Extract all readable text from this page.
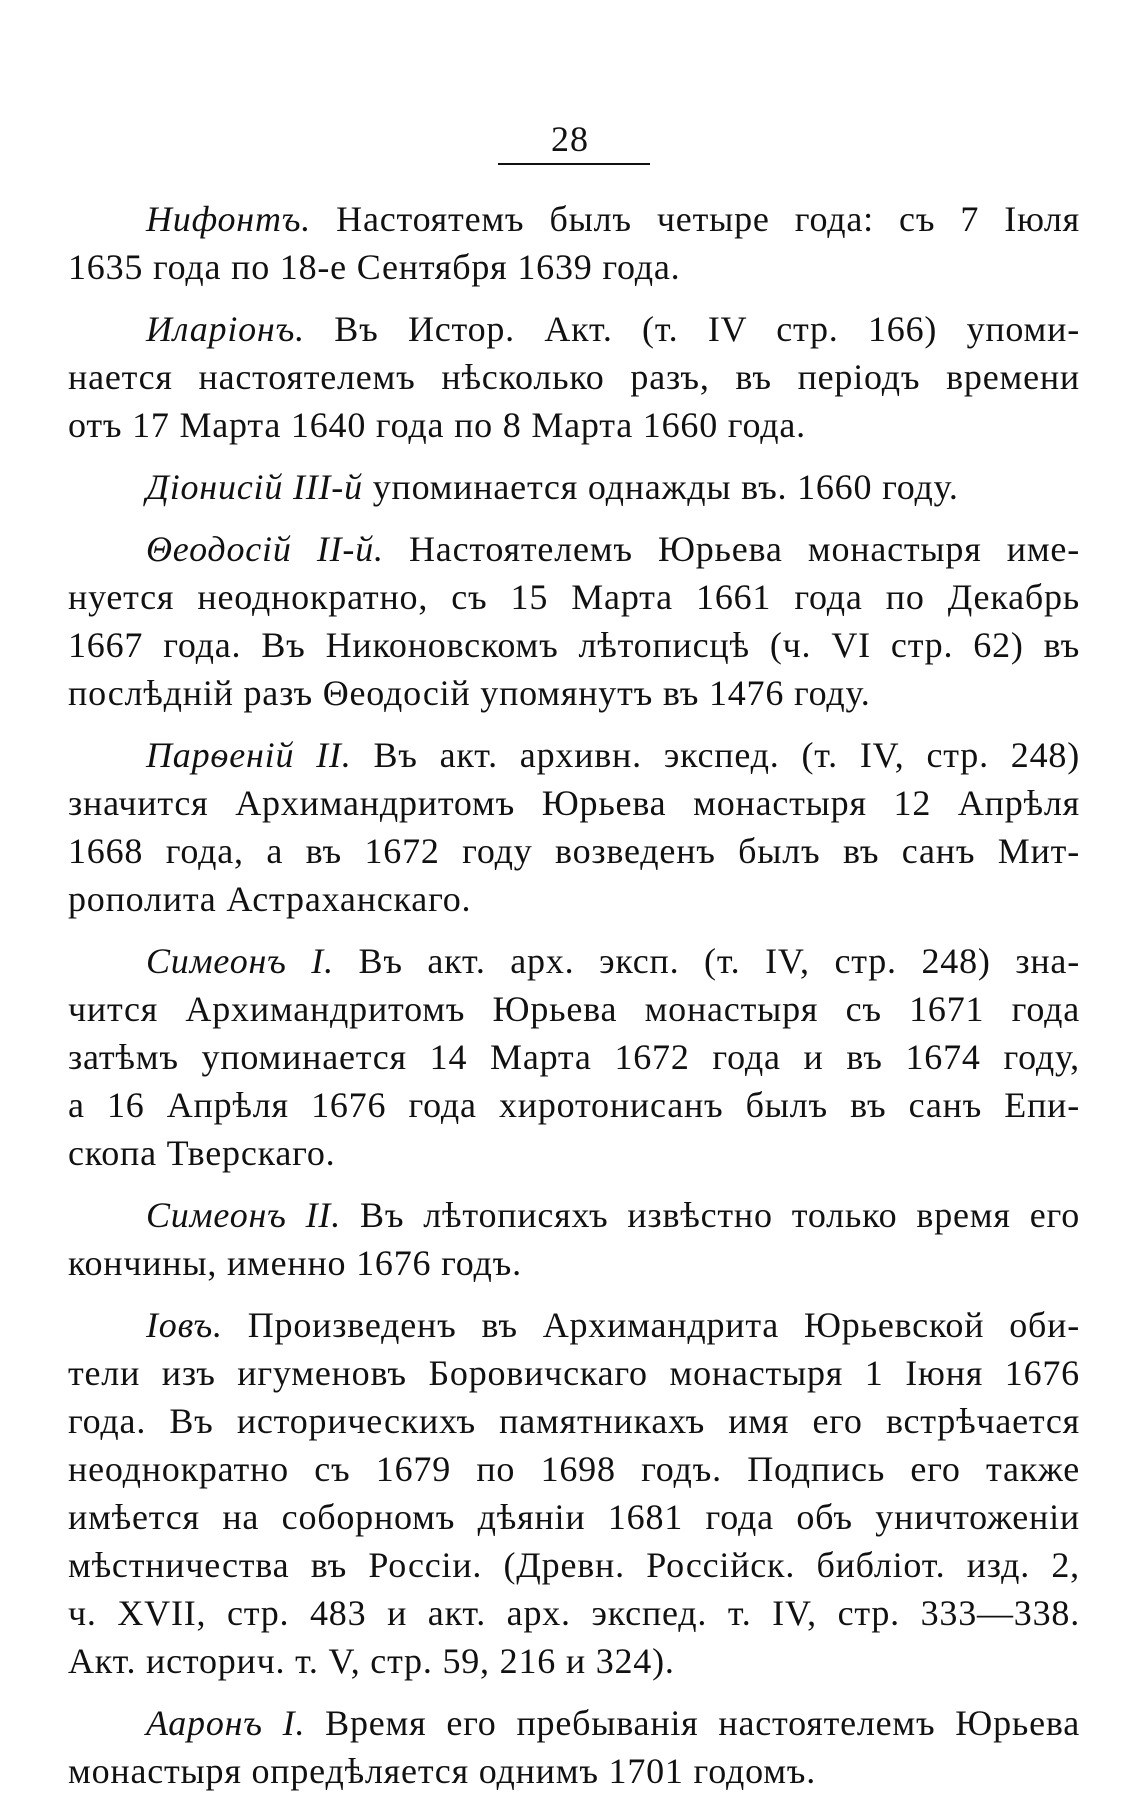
28
Нифонтъ. Настоятемъ былъ четыре года: съ 7 Іюля
1635 года по 18-е Сентября 1639 года.
Иларіонъ. Въ Истор. Акт. (т. IV стр. 166) упоми-
нается настоятелемъ нѣсколько разъ, въ періодъ времени
отъ 17 Марта 1640 года по 8 Марта 1660 года.
Діонисій III-й упоминается однажды въ. 1660 году.
Θеодосій II-й. Настоятелемъ Юрьева монастыря име-
нуется неоднократно, съ 15 Марта 1661 года по Декабрь
1667 года. Въ Никоновскомъ лѣтописцѣ (ч. VI стр. 62) въ
послѣдній разъ Θеодосій упомянутъ въ 1476 году.
Парѳеній II. Въ акт. архивн. экспед. (т. IV, стр. 248)
значится Архимандритомъ Юрьева монастыря 12 Апрѣля
1668 года, а въ 1672 году возведенъ былъ въ санъ Мит-
рополита Астраханскаго.
Симеонъ I. Въ акт. арх. эксп. (т. IV, стр. 248) зна-
чится Архимандритомъ Юрьева монастыря съ 1671 года
затѣмъ упоминается 14 Марта 1672 года и въ 1674 году,
а 16 Апрѣля 1676 года хиротонисанъ былъ въ санъ Епи-
скопа Тверскаго.
Симеонъ II. Въ лѣтописяхъ извѣстно только время его
кончины, именно 1676 годъ.
Іовъ. Произведенъ въ Архимандрита Юрьевской оби-
тели изъ игуменовъ Боровичскаго монастыря 1 Іюня 1676
года. Въ историческихъ памятникахъ имя его встрѣчается
неоднократно съ 1679 по 1698 годъ. Подпись его также
имѣется на соборномъ дѣяніи 1681 года объ уничтоженіи
мѣстничества въ Россіи. (Древн. Россійск. библіот. изд. 2,
ч. XVII, стр. 483 и акт. арх. экспед. т. IV, стр. 333—338.
Акт. историч. т. V, стр. 59, 216 и 324).
Ааронъ I. Время его пребыванія настоятелемъ Юрьева
монастыря опредѣляется однимъ 1701 годомъ.
